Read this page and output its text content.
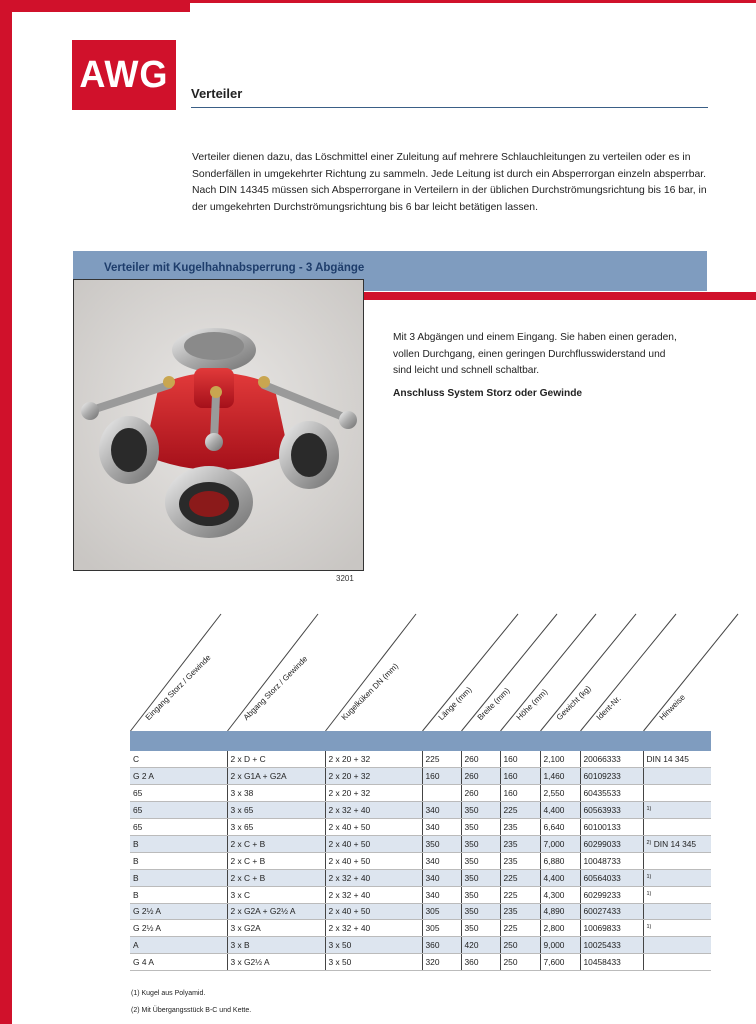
AWG Verteiler
Verteiler dienen dazu, das Löschmittel einer Zuleitung auf mehrere Schlauchleitungen zu verteilen oder es in
Sonderfällen in umgekehrter Richtung zu sammeln. Jede Leitung ist durch ein Absperrorgan einzeln absperrbar.
Nach DIN 14345 müssen sich Absperrorgane in Verteilern in der üblichen Durchströmungsrichtung bis 16 bar, in
der umgekehrten Durchströmungsrichtung bis 6 bar leicht betätigen lassen.
Verteiler mit Kugelhahnabsperrung - 3 Abgänge
3201
Mit 3 Abgängen und einem Eingang. Sie haben einen geraden,
vollen Durchgang, einen geringen Durchflusswiderstand und
sind leicht und schnell schaltbar.
Anschluss System Storz oder Gewinde
Eingang Storz / Gewinde	Abgang Storz / Gewinde	Kugelküken DN (mm)	Länge (mm) Breite (mm) Höhe (mm) Gewicht (kg) Ident-Nr.	Hinweise
C	2 x D + C	2 x 20 + 32	225	260	160	2,100	20066333	DIN 14 345
G 2 A	2 x G1A + G2A	2 x 20 + 32	160	260	160	1,460	60109233	
65	3 x 38	2 x 20 + 32		260	160	2,550	60435533	
65	3 x 65	2 x 32 + 40	340	350	225	4,400	60563933	$^{1)}$
65	3 x 65	2 x 40 + 50	340	350	235	6,640	60100133	
B	2 x C + B	2 x 40 + 50	350	350	235	7,000	60299033	$^{2)}$ DIN 14 345
B	2 x C + B	2 x 40 + 50	340	350	235	6,880	10048733	
B	2 x C + B	2 x 32 + 40	340	350	225	4,400	60564033	$^{1)}$
B	3 x C	2 x 32 + 40	340	350	225	4,300	60299233	$^{1)}$
G 2½ A	2 x G2A + G2½ A	2 x 40 + 50	305	350	235	4,890	60027433	
G 2½ A	3 x G2A	2 x 32 + 40	305	350	225	2,800	10069833	$^{1)}$
A	3 x B	3 x 50	360	420	250	9,000	10025433	
G 4 A	3 x G2½ A	3 x 50	320	360	250	7,600	10458433	
(1) Kugel aus Polyamid.
(2) Mit Übergangsstück B-C und Kette.
